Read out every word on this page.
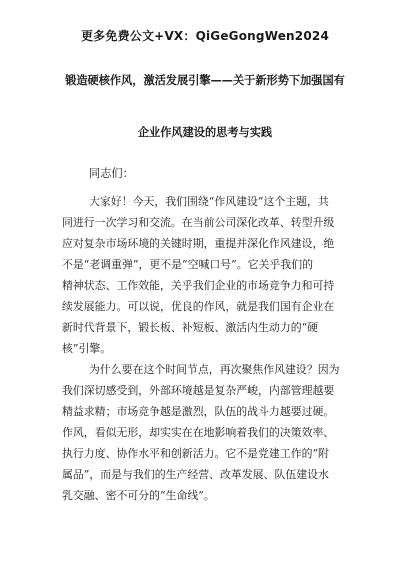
更多免费公文+VX：QiGeGongWen2024
锻造硬核作风，激活发展引擎——关于新形势下加强国有
企业作风建设的思考与实践
同志们：
大家好！今天，我们围绕“作风建设”这个主题，共
同进行一次学习和交流。在当前公司深化改革、转型升级
应对复杂市场环境的关键时期，重提并深化作风建设，绝
不是“老调重弹”，更不是“空喊口号”。它关乎我们的
精神状态、工作效能，关乎我们企业的市场竞争力和可持
续发展能力。可以说，优良的作风，就是我们国有企业在
新时代背景下，锻长板、补短板、激活内生动力的“硬
核”引擎。
为什么要在这个时间节点，再次聚焦作风建设？因为
我们深切感受到，外部环境越是复杂严峻，内部管理越要
精益求精；市场竞争越是激烈，队伍的战斗力越要过硬。
作风，看似无形，却实实在在地影响着我们的决策效率、
执行力度、协作水平和创新活力。它不是党建工作的“附
属品”，而是与我们的生产经营、改革发展、队伍建设水
乳交融、密不可分的“生命线”。
